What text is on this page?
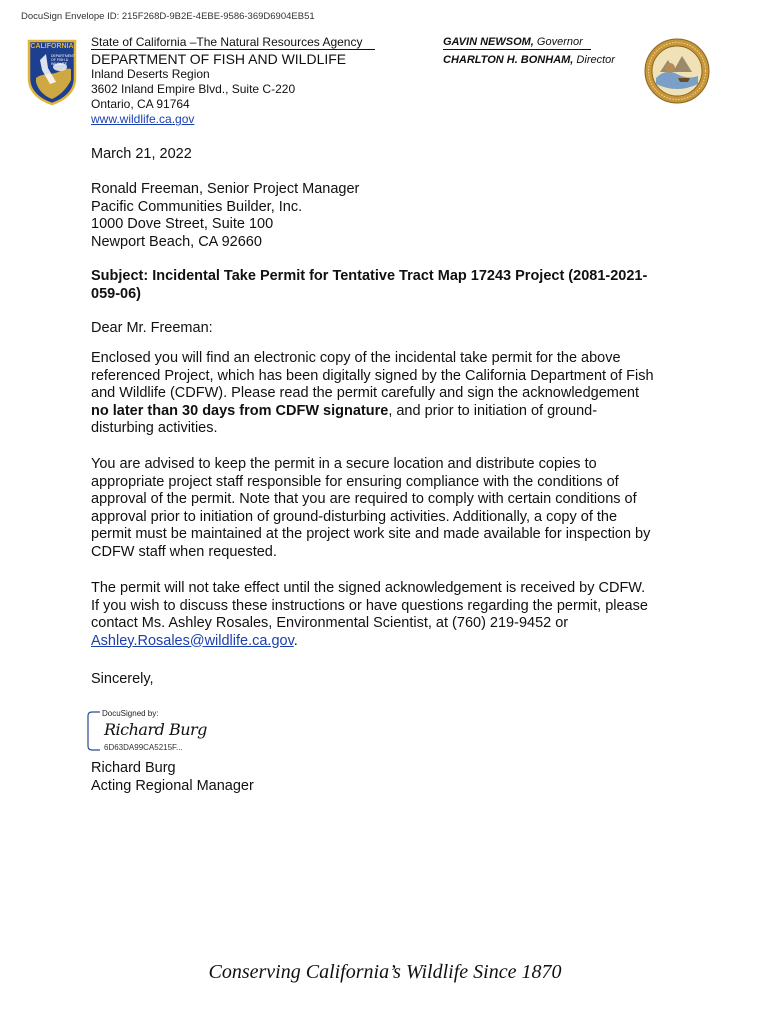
DocuSign Envelope ID: 215F268D-9B2E-4EBE-9586-369D6904EB51
CALIFORNIA
DEPARTMENT OF FISH & WILDLIFE
State of California –The Natural Resources Agency
DEPARTMENT OF FISH AND WILDLIFE
Inland Deserts Region
3602 Inland Empire Blvd., Suite C-220
Ontario, CA 91764
www.wildlife.ca.gov
GAVIN NEWSOM, Governor
CHARLTON H. BONHAM, Director
March 21, 2022
Ronald Freeman, Senior Project Manager
Pacific Communities Builder, Inc.
1000 Dove Street, Suite 100
Newport Beach, CA 92660
Subject: Incidental Take Permit for Tentative Tract Map 17243 Project (2081-2021-
059-06)
Dear Mr. Freeman:
Enclosed you will find an electronic copy of the incidental take permit for the above
referenced Project, which has been digitally signed by the California Department of Fish
and Wildlife (CDFW). Please read the permit carefully and sign the acknowledgement
no later than 30 days from CDFW signature, and prior to initiation of ground-
disturbing activities.
You are advised to keep the permit in a secure location and distribute copies to
appropriate project staff responsible for ensuring compliance with the conditions of
approval of the permit. Note that you are required to comply with certain conditions of
approval prior to initiation of ground-disturbing activities. Additionally, a copy of the
permit must be maintained at the project work site and made available for inspection by
CDFW staff when requested.
The permit will not take effect until the signed acknowledgement is received by CDFW.
If you wish to discuss these instructions or have questions regarding the permit, please
contact Ms. Ashley Rosales, Environmental Scientist, at (760) 219-9452 or
Ashley.Rosales@wildlife.ca.gov.
Sincerely,
DocuSigned by:
Richard Burg
6D63DA99CA5215F...
Richard Burg
Acting Regional Manager
Conserving California’s Wildlife Since 1870
